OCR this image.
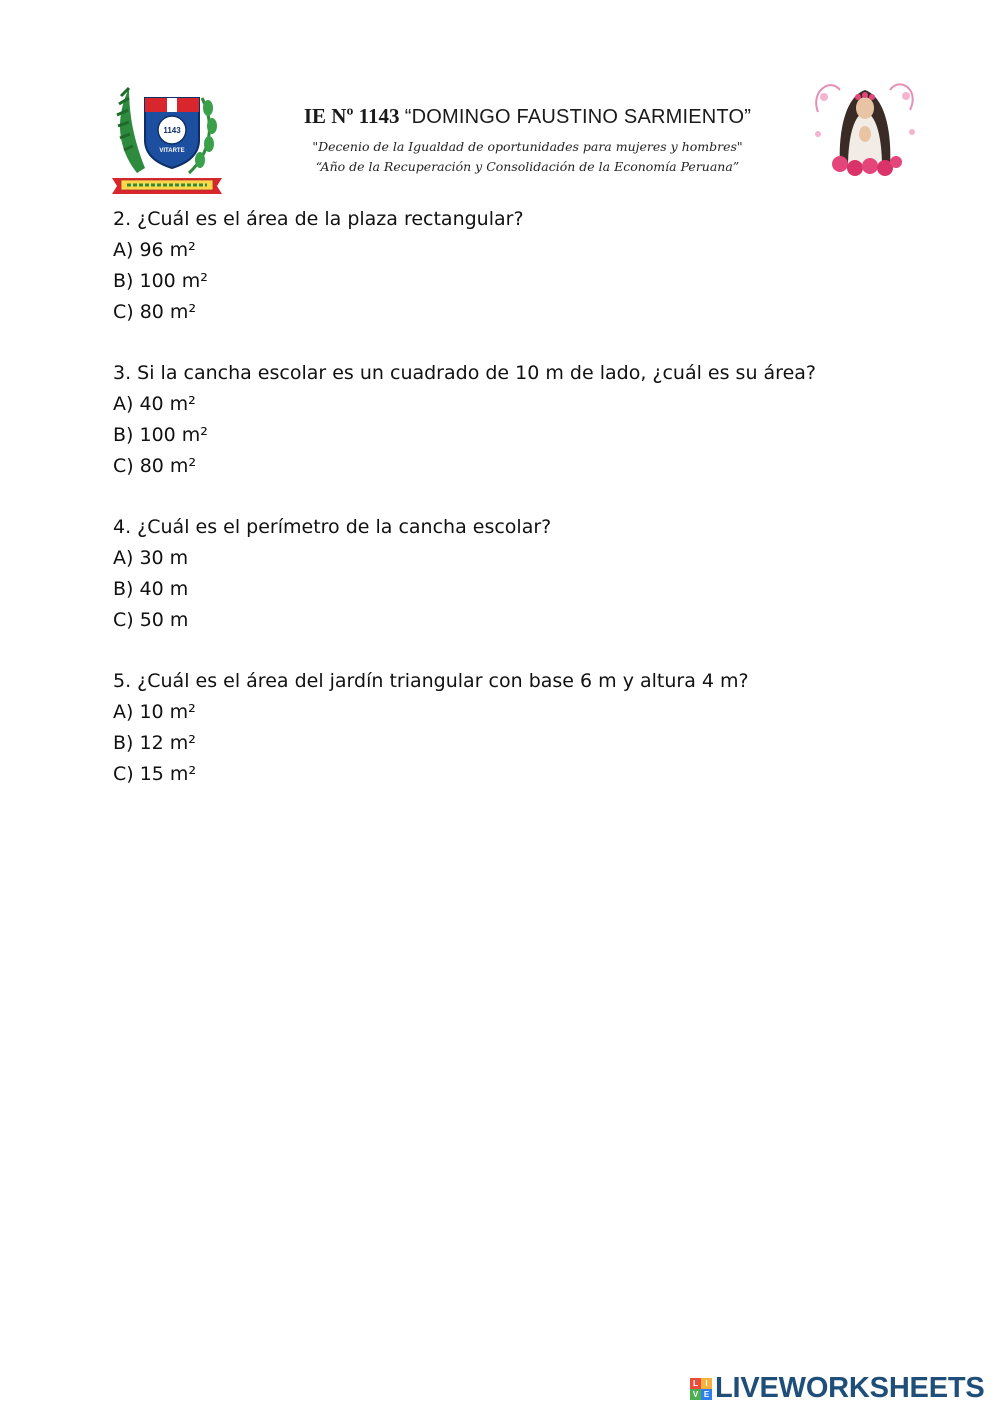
1143
VITARTE
IE Nº 1143 “DOMINGO FAUSTINO SARMIENTO”
"Decenio de la Igualdad de oportunidades para mujeres y hombres"
“Año de la Recuperación y Consolidación de la Economía Peruana”

2. ¿Cuál es el área de la plaza rectangular?

A) 96 m²

B) 100 m²

C) 80 m²

3. Si la cancha escolar es un cuadrado de 10 m de lado, ¿cuál es su área?

A) 40 m²

B) 100 m²

C) 80 m²

4. ¿Cuál es el perímetro de la cancha escolar?

A) 30 m

B) 40 m

C) 50 m

5. ¿Cuál es el área del jardín triangular con base 6 m y altura 4 m?

A) 10 m²

B) 12 m²

C) 15 m²

L I
V E LIVEWORKSHEETS
